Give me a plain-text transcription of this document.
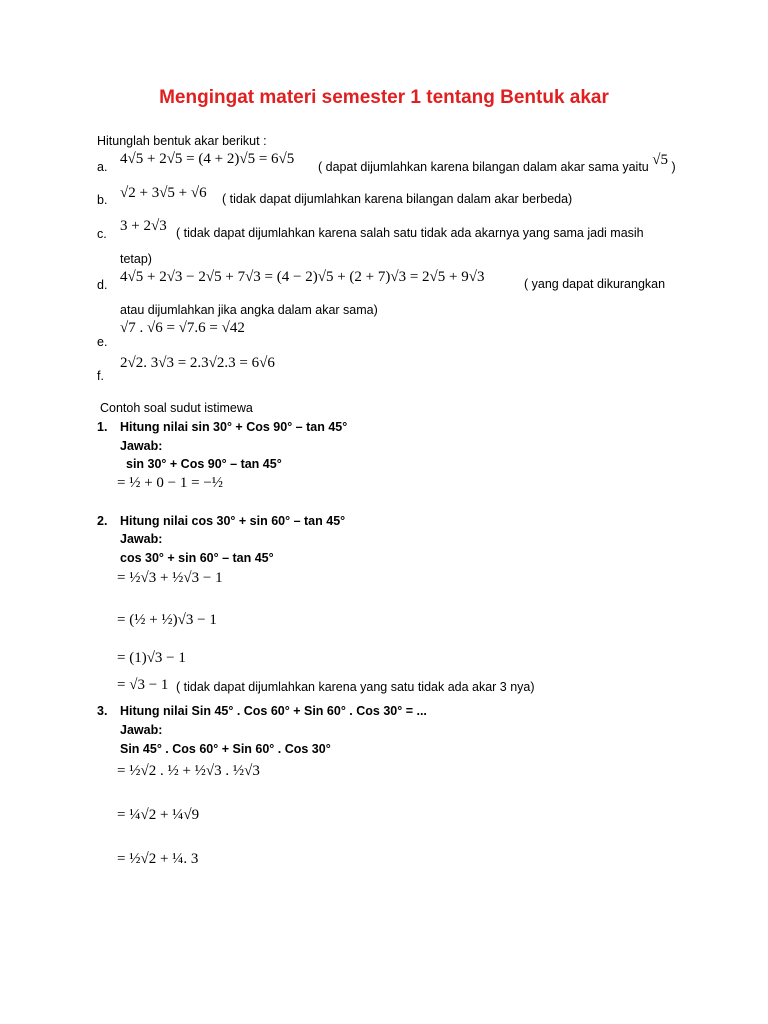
Mengingat materi semester 1 tentang Bentuk akar
Hitunglah bentuk akar berikut :
a. 4√5 + 2√5 = (4 + 2)√5 = 6√5 ( dapat dijumlahkan karena bilangan dalam akar sama yaitu √5 )
b. √2 + 3√5 + √6 ( tidak dapat dijumlahkan karena bilangan dalam akar berbeda)
c. 3 + 2√3 ( tidak dapat dijumlahkan karena salah satu tidak ada akarnya yang sama jadi masih
tetap)
d. 4√5 + 2√3 − 2√5 + 7√3 = (4 − 2)√5 + (2 + 7)√3 = 2√5 + 9√3	( yang dapat dikurangkan
atau dijumlahkan jika angka dalam akar sama)
√7 . √6 = √7.6 = √42
e.
2√2. 3√3 = 2.3√2.3 = 6√6
f.
Contoh soal sudut istimewa
1. Hitung nilai sin 30° + Cos 90° – tan 45°
Jawab:
sin 30° + Cos 90° – tan 45°
= ½ + 0 − 1 = −½
2. Hitung nilai cos 30° + sin 60° – tan 45°
Jawab:
cos 30° + sin 60° – tan 45°
= ½√3 + ½√3 − 1
= (½ + ½)√3 − 1
= (1)√3 − 1
= √3 − 1 ( tidak dapat dijumlahkan karena yang satu tidak ada akar 3 nya)
3. Hitung nilai Sin 45° . Cos 60° + Sin 60° . Cos 30° = ...
Jawab:
Sin 45° . Cos 60° + Sin 60° . Cos 30°
= ½√2 . ½ + ½√3 . ½√3
= ¼√2 + ¼√9
= ½√2 + ¼. 3
